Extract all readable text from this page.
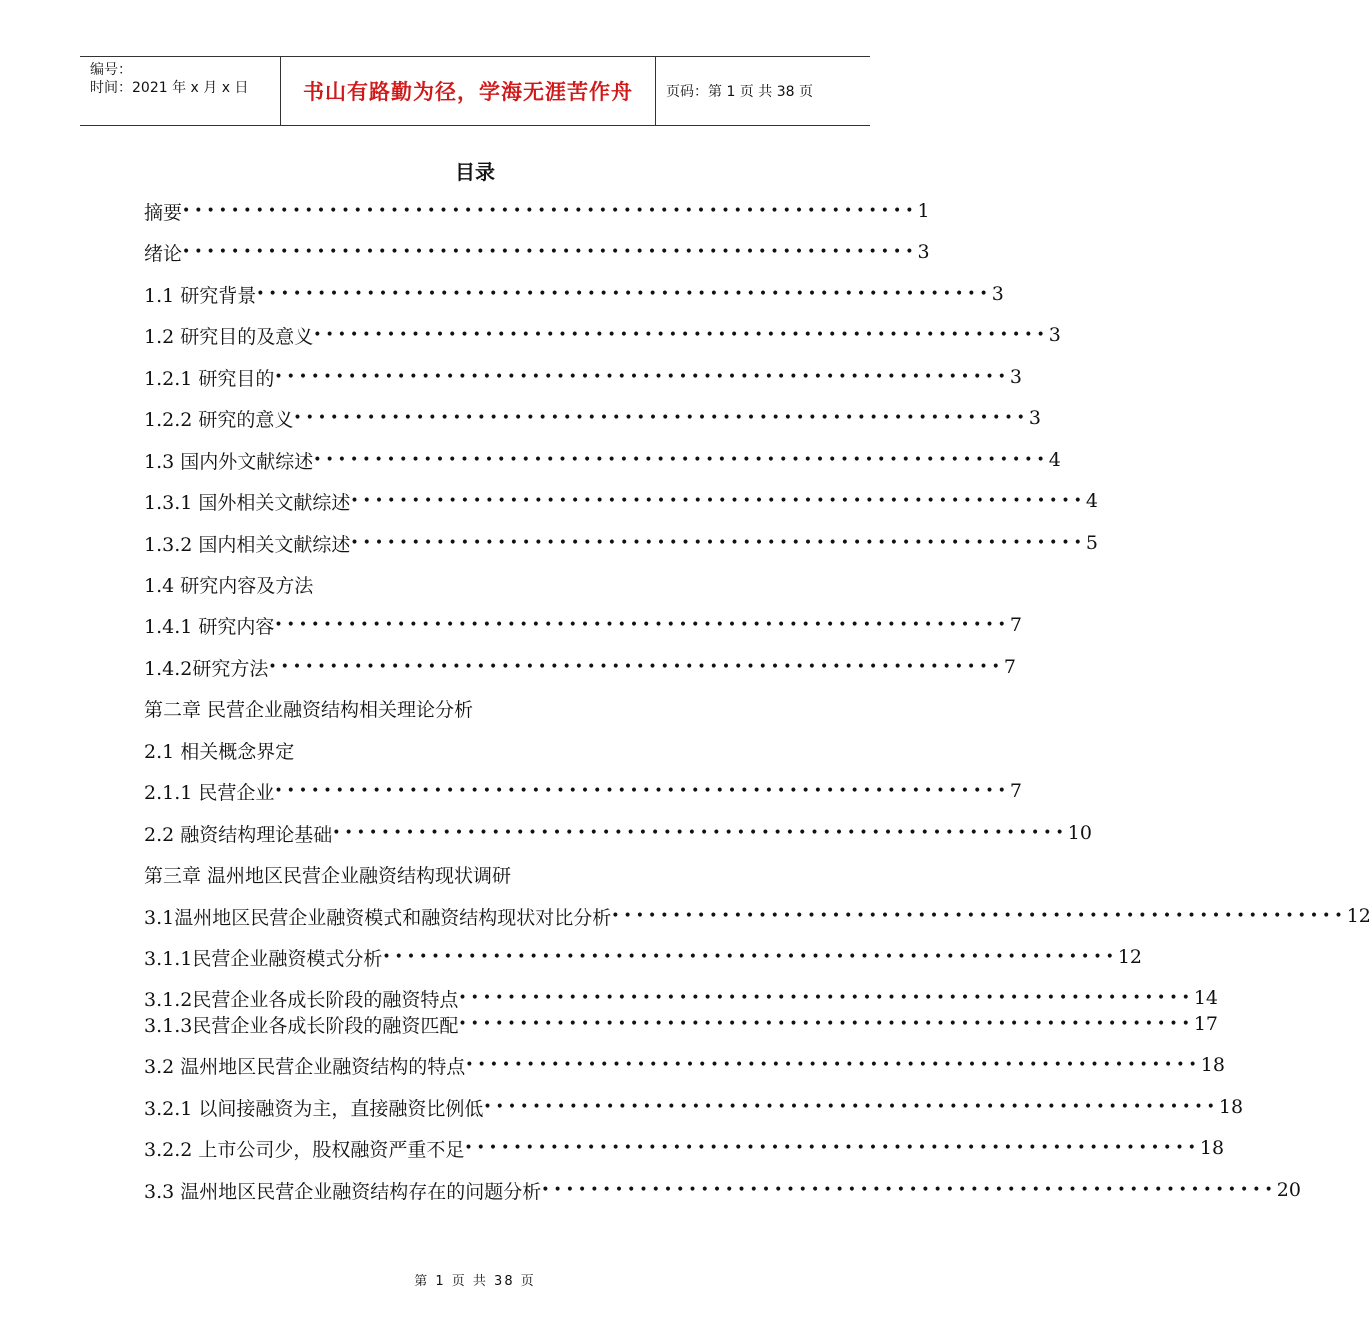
编号：
时间：2021 年 x 月 x 日	书山有路勤为径，学海无涯苦作舟	页码：第 1 页 共 38 页
目录
摘要 •••••••••••••••••••••••••••••••••••••••••••••••••••••••••••• 1
绪论 •••••••••••••••••••••••••••••••••••••••••••••••••••••••••••• 3
1.1 研究背景 •••••••••••••••••••••••••••••••••••••••••••••••••••••••••••• 3
1.2 研究目的及意义 •••••••••••••••••••••••••••••••••••••••••••••••••••••••••••• 3
1.2.1 研究目的 •••••••••••••••••••••••••••••••••••••••••••••••••••••••••••• 3
1.2.2 研究的意义 •••••••••••••••••••••••••••••••••••••••••••••••••••••••••••• 3
1.3 国内外文献综述 •••••••••••••••••••••••••••••••••••••••••••••••••••••••••••• 4
1.3.1 国外相关文献综述 •••••••••••••••••••••••••••••••••••••••••••••••••••••••••••• 4
1.3.2 国内相关文献综述 •••••••••••••••••••••••••••••••••••••••••••••••••••••••••••• 5
1.4 研究内容及方法
1.4.1 研究内容 •••••••••••••••••••••••••••••••••••••••••••••••••••••••••••• 7
1.4.2研究方法 •••••••••••••••••••••••••••••••••••••••••••••••••••••••••••• 7
第二章 民营企业融资结构相关理论分析
2.1 相关概念界定
2.1.1 民营企业 •••••••••••••••••••••••••••••••••••••••••••••••••••••••••••• 7
2.2 融资结构理论基础 •••••••••••••••••••••••••••••••••••••••••••••••••••••••••••• 10
第三章 温州地区民营企业融资结构现状调研
3.1温州地区民营企业融资模式和融资结构现状对比分析 •••••••••••••••••••••••••••••••••••••••••••••••••••••••••••• 12
3.1.1民营企业融资模式分析 •••••••••••••••••••••••••••••••••••••••••••••••••••••••••••• 12
3.1.2民营企业各成长阶段的融资特点 •••••••••••••••••••••••••••••••••••••••••••••••••••••••••••• 14
3.1.3民营企业各成长阶段的融资匹配 •••••••••••••••••••••••••••••••••••••••••••••••••••••••••••• 17
3.2 温州地区民营企业融资结构的特点 •••••••••••••••••••••••••••••••••••••••••••••••••••••••••••• 18
3.2.1 以间接融资为主，直接融资比例低 •••••••••••••••••••••••••••••••••••••••••••••••••••••••••••• 18
3.2.2 上市公司少，股权融资严重不足 •••••••••••••••••••••••••••••••••••••••••••••••••••••••••••• 18
3.3 温州地区民营企业融资结构存在的问题分析 •••••••••••••••••••••••••••••••••••••••••••••••••••••••••••• 20
第 1 页 共 38 页
